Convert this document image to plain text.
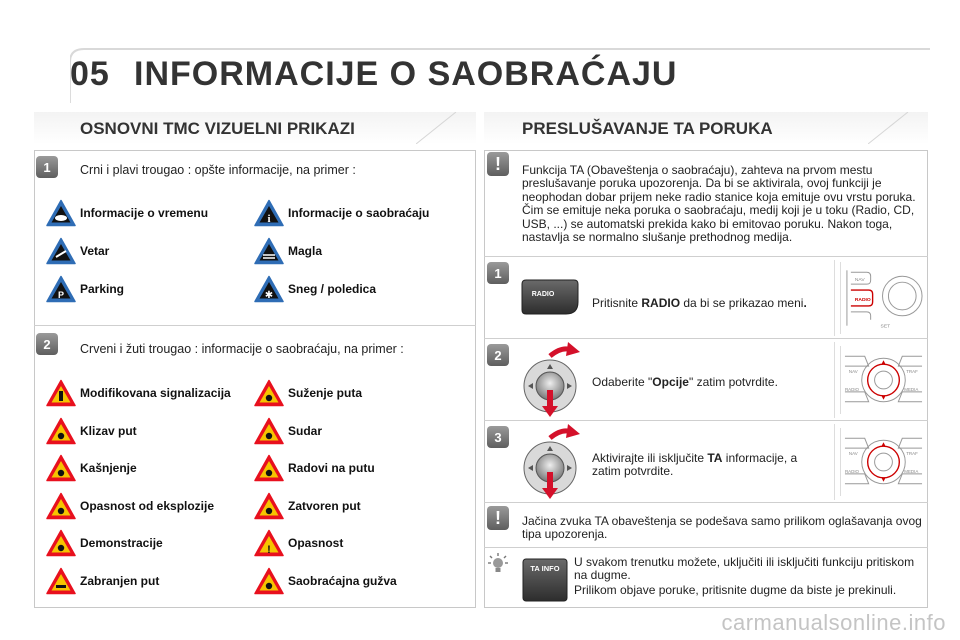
05 INFORMACIJE O SAOBRAĆAJU
OSNOVNI TMC VIZUELNI PRIKAZI
1	Crni i plavi trougao : opšte informacije, na primer :
Informacije o vremenu	i Informacije o saobraćaju
Vetar	Magla
P Parking	✱ Sneg / poledica
2	Crveni i žuti trougao : informacije o saobraćaju, na primer :
Modifikovana signalizacija	Suženje puta
Klizav put	Sudar
Kašnjenje	Radovi na putu
Opasnost od eksplozije	Zatvoren put
Demonstracije	! Opasnost
Zabranjen put	Saobraćajna gužva
PRESLUŠAVANJE TA PORUKA
!	Funkcija TA (Obaveštenja o saobraćaju), zahteva na prvom mestu preslušavanje poruka upozorenja. Da bi se aktivirala, ovoj funkciji je neophodan dobar prijem neke radio stanice koja emituje ovu vrstu poruka. Čim se emituje neka poruka o saobraćaju, medij koji je u toku (Radio, CD, USB, ...) se automatski prekida kako bi emitovao poruku. Nakon toga, nastavlja se normalno slušanje prethodnog medija.
1
RADIO
Pritisnite RADIO da bi se prikazao meni.
NAV
RADIO
SET
2
Odaberite "Opcije" zatim potvrdite.
NAV	TRAF
RADIO	MEDIA
3
Aktivirajte ili isključite TA informacije, a zatim potvrdite.
NAV	TRAF
RADIO	MEDIA
!	Jačina zvuka TA obaveštenja se podešava samo prilikom oglašavanja ovog tipa upozorenja.
TA INFO	U svakom trenutku možete, uključiti ili isključiti funkciju pritiskom na dugme.
Prilikom objave poruke, pritisnite dugme da biste je prekinuli.
carmanualsonline.info
